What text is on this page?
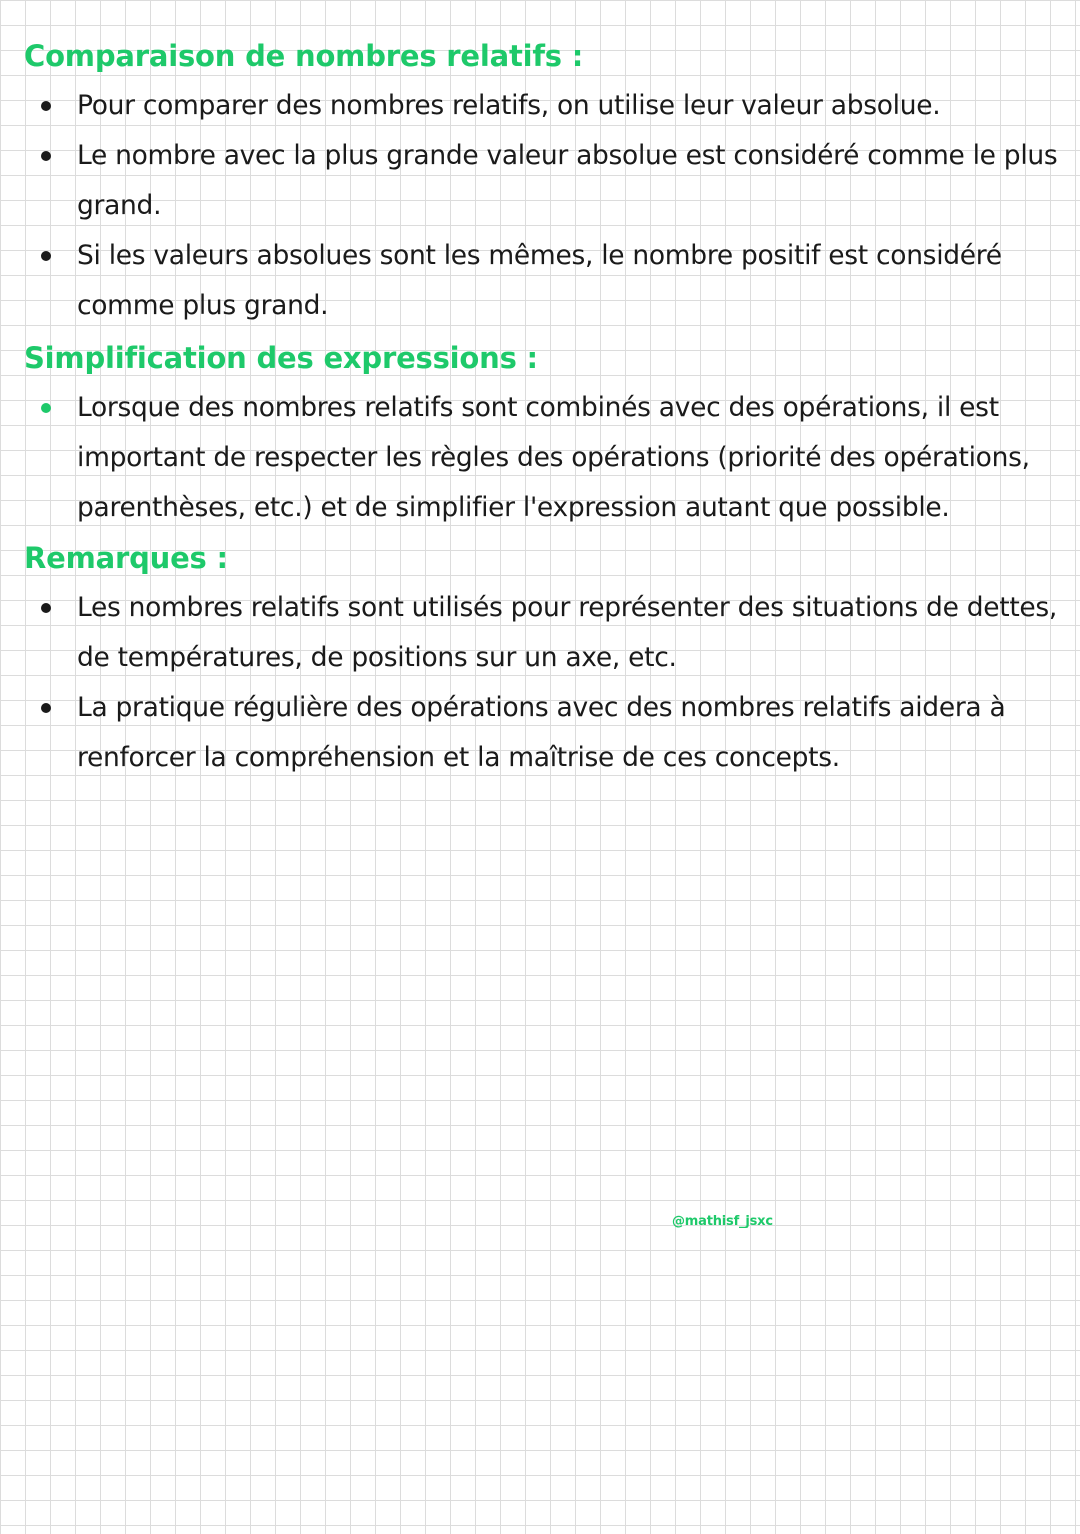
Comparaison de nombres relatifs :
Pour comparer des nombres relatifs, on utilise leur valeur absolue.
Le nombre avec la plus grande valeur absolue est considéré comme le plus grand.
Si les valeurs absolues sont les mêmes, le nombre positif est considéré comme plus grand.
Simplification des expressions :
Lorsque des nombres relatifs sont combinés avec des opérations, il est important de respecter les règles des opérations (priorité des opérations, parenthèses, etc.) et de simplifier l'expression autant que possible.
Remarques :
Les nombres relatifs sont utilisés pour représenter des situations de dettes, de températures, de positions sur un axe, etc.
La pratique régulière des opérations avec des nombres relatifs aidera à renforcer la compréhension et la maîtrise de ces concepts.
@mathisf_jsxc
